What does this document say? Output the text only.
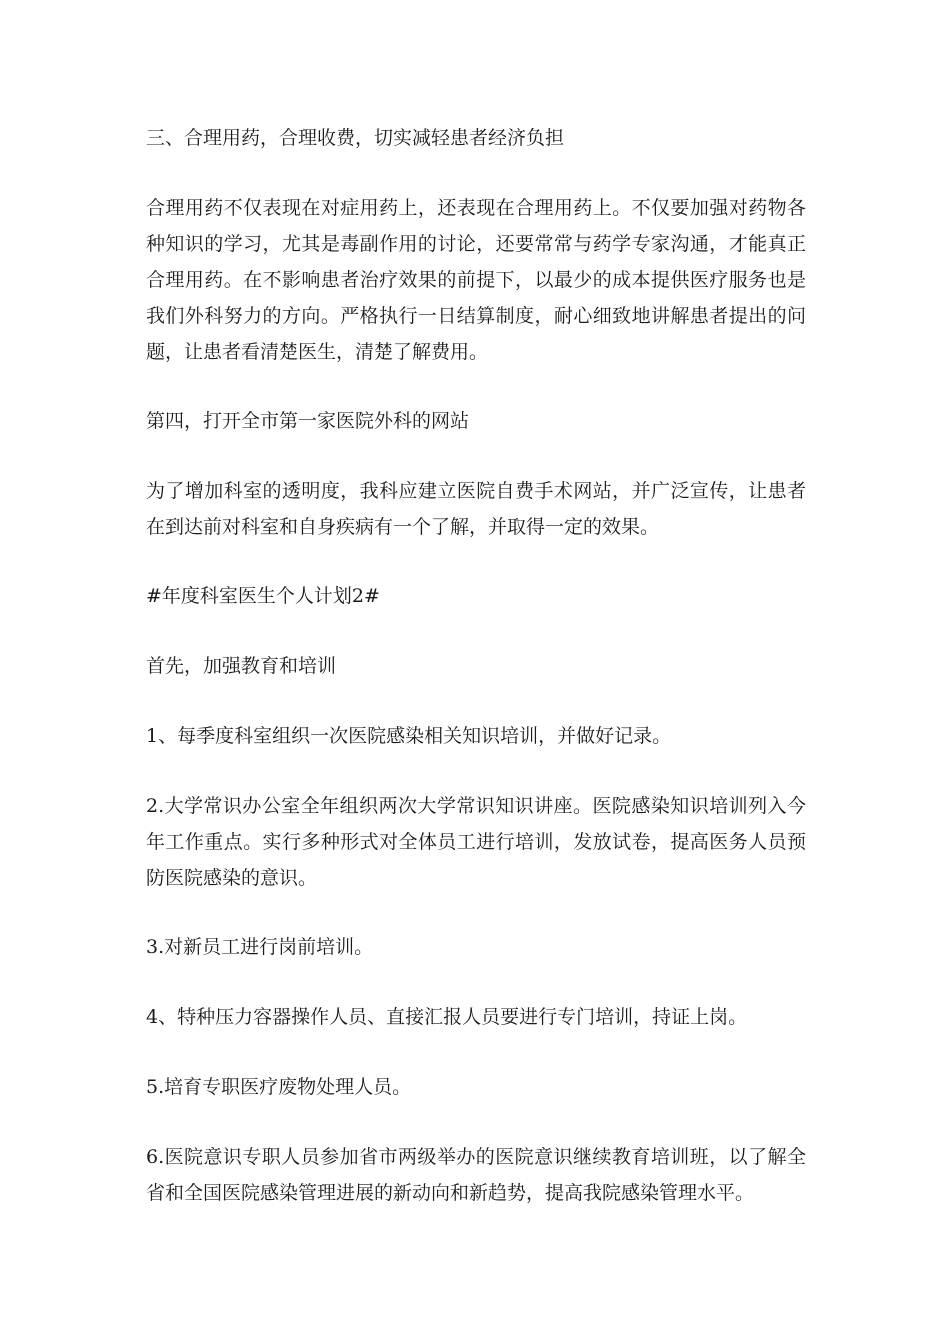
三、合理用药，合理收费，切实减轻患者经济负担

合理用药不仅表现在对症用药上，还表现在合理用药上。不仅要加强对药物各种知识的学习，尤其是毒副作用的讨论，还要常常与药学专家沟通，才能真正合理用药。在不影响患者治疗效果的前提下，以最少的成本提供医疗服务也是我们外科努力的方向。严格执行一日结算制度，耐心细致地讲解患者提出的问题，让患者看清楚医生，清楚了解费用。

第四，打开全市第一家医院外科的网站

为了增加科室的透明度，我科应建立医院自费手术网站，并广泛宣传，让患者在到达前对科室和自身疾病有一个了解，并取得一定的效果。

#年度科室医生个人计划2#

首先，加强教育和培训

1、每季度科室组织一次医院感染相关知识培训，并做好记录。

2.大学常识办公室全年组织两次大学常识知识讲座。医院感染知识培训列入今年工作重点。实行多种形式对全体员工进行培训，发放试卷，提高医务人员预防医院感染的意识。

3.对新员工进行岗前培训。

4、特种压力容器操作人员、直接汇报人员要进行专门培训，持证上岗。

5.培育专职医疗废物处理人员。

6.医院意识专职人员参加省市两级举办的医院意识继续教育培训班，以了解全省和全国医院感染管理进展的新动向和新趋势，提高我院感染管理水平。
